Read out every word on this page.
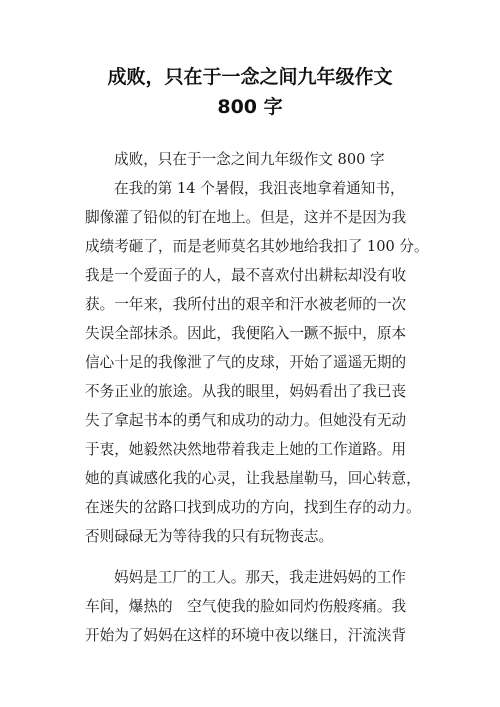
成败，只在于一念之间九年级作文
800 字
成败，只在于一念之间九年级作文 800 字
在我的第 14 个暑假，我沮丧地拿着通知书，
脚像灌了铅似的钉在地上。但是，这并不是因为我
成绩考砸了，而是老师莫名其妙地给我扣了 100 分。
我是一个爱面子的人，最不喜欢付出耕耘却没有收
获。一年来，我所付出的艰辛和汗水被老师的一次
失误全部抹杀。因此，我便陷入一蹶不振中，原本
信心十足的我像泄了气的皮球，开始了遥遥无期的
不务正业的旅途。从我的眼里，妈妈看出了我已丧
失了拿起书本的勇气和成功的动力。但她没有无动
于衷，她毅然决然地带着我走上她的工作道路。用
她的真诚感化我的心灵，让我悬崖勒马，回心转意，
在迷失的岔路口找到成功的方向，找到生存的动力。
否则碌碌无为等待我的只有玩物丧志。
妈妈是工厂的工人。那天，我走进妈妈的工作
车间，爆热的　空气使我的脸如同灼伤般疼痛。我
开始为了妈妈在这样的环境中夜以继日，汗流浃背
